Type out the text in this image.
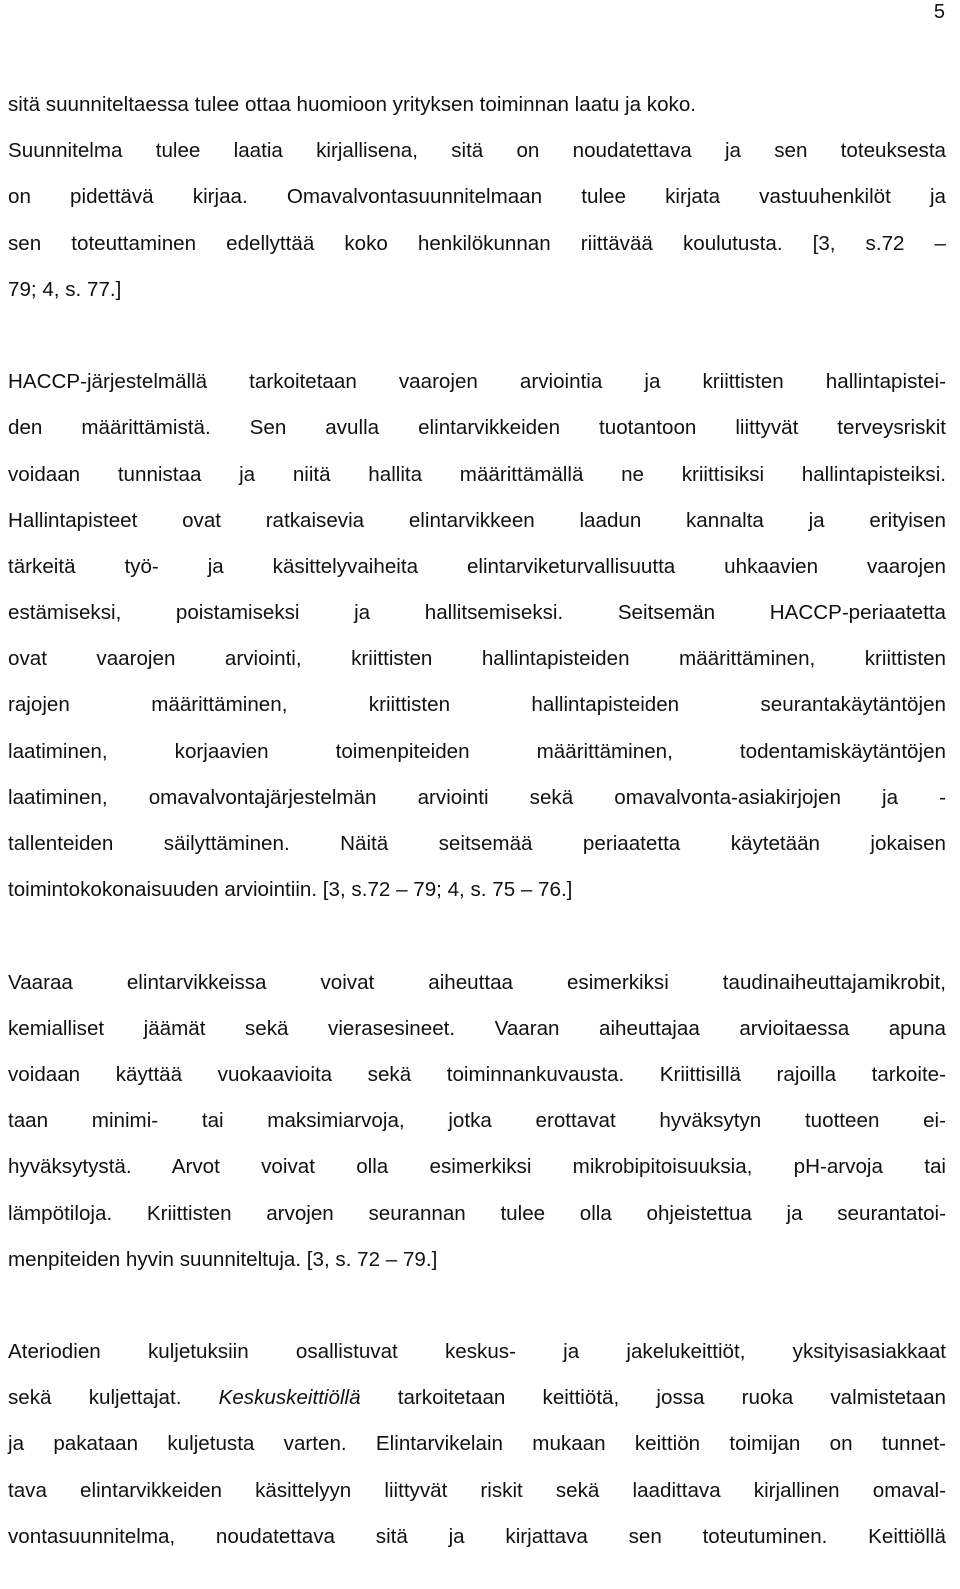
5
sitä suunniteltaessa tulee ottaa huomioon yrityksen toiminnan laatu ja koko.
Suunnitelma tulee laatia kirjallisena, sitä on noudatettava ja sen toteuksesta
on pidettävä kirjaa. Omavalvontasuunnitelmaan tulee kirjata vastuuhenkilöt ja
sen toteuttaminen edellyttää koko henkilökunnan riittävää koulutusta. [3, s.72 –
79; 4, s. 77.]
HACCP-järjestelmällä tarkoitetaan vaarojen arviointia ja kriittisten hallintapistei-
den määrittämistä. Sen avulla elintarvikkeiden tuotantoon liittyvät terveysriskit
voidaan tunnistaa ja niitä hallita määrittämällä ne kriittisiksi hallintapisteiksi.
Hallintapisteet ovat ratkaisevia elintarvikkeen laadun kannalta ja erityisen
tärkeitä työ- ja käsittelyvaiheita elintarviketurvallisuutta uhkaavien vaarojen
estämiseksi, poistamiseksi ja hallitsemiseksi. Seitsemän HACCP-periaatetta
ovat vaarojen arviointi, kriittisten hallintapisteiden määrittäminen, kriittisten
rajojen määrittäminen, kriittisten hallintapisteiden seurantakäytäntöjen
laatiminen, korjaavien toimenpiteiden määrittäminen, todentamiskäytäntöjen
laatiminen, omavalvontajärjestelmän arviointi sekä omavalvonta-asiakirjojen ja -
tallenteiden säilyttäminen. Näitä seitsemää periaatetta käytetään jokaisen
toimintokokonaisuuden arviointiin. [3, s.72 – 79; 4, s. 75 – 76.]
Vaaraa elintarvikkeissa voivat aiheuttaa esimerkiksi taudinaiheuttajamikrobit,
kemialliset jäämät sekä vierasesineet. Vaaran aiheuttajaa arvioitaessa apuna
voidaan käyttää vuokaavioita sekä toiminnankuvausta. Kriittisillä rajoilla tarkoite-
taan minimi- tai maksimiarvoja, jotka erottavat hyväksytyn tuotteen ei-
hyväksytystä. Arvot voivat olla esimerkiksi mikrobipitoisuuksia, pH-arvoja tai
lämpötiloja. Kriittisten arvojen seurannan tulee olla ohjeistettua ja seurantatoi-
menpiteiden hyvin suunniteltuja. [3, s. 72 – 79.]
Ateriodien kuljetuksiin osallistuvat keskus- ja jakelukeittiöt, yksityisasiakkaat
sekä kuljettajat. Keskuskeittiöllä tarkoitetaan keittiötä, jossa ruoka valmistetaan
ja pakataan kuljetusta varten. Elintarvikelain mukaan keittiön toimijan on tunnet-
tava elintarvikkeiden käsittelyyn liittyvät riskit sekä laadittava kirjallinen omaval-
vontasuunnitelma, noudatettava sitä ja kirjattava sen toteutuminen. Keittiöllä
